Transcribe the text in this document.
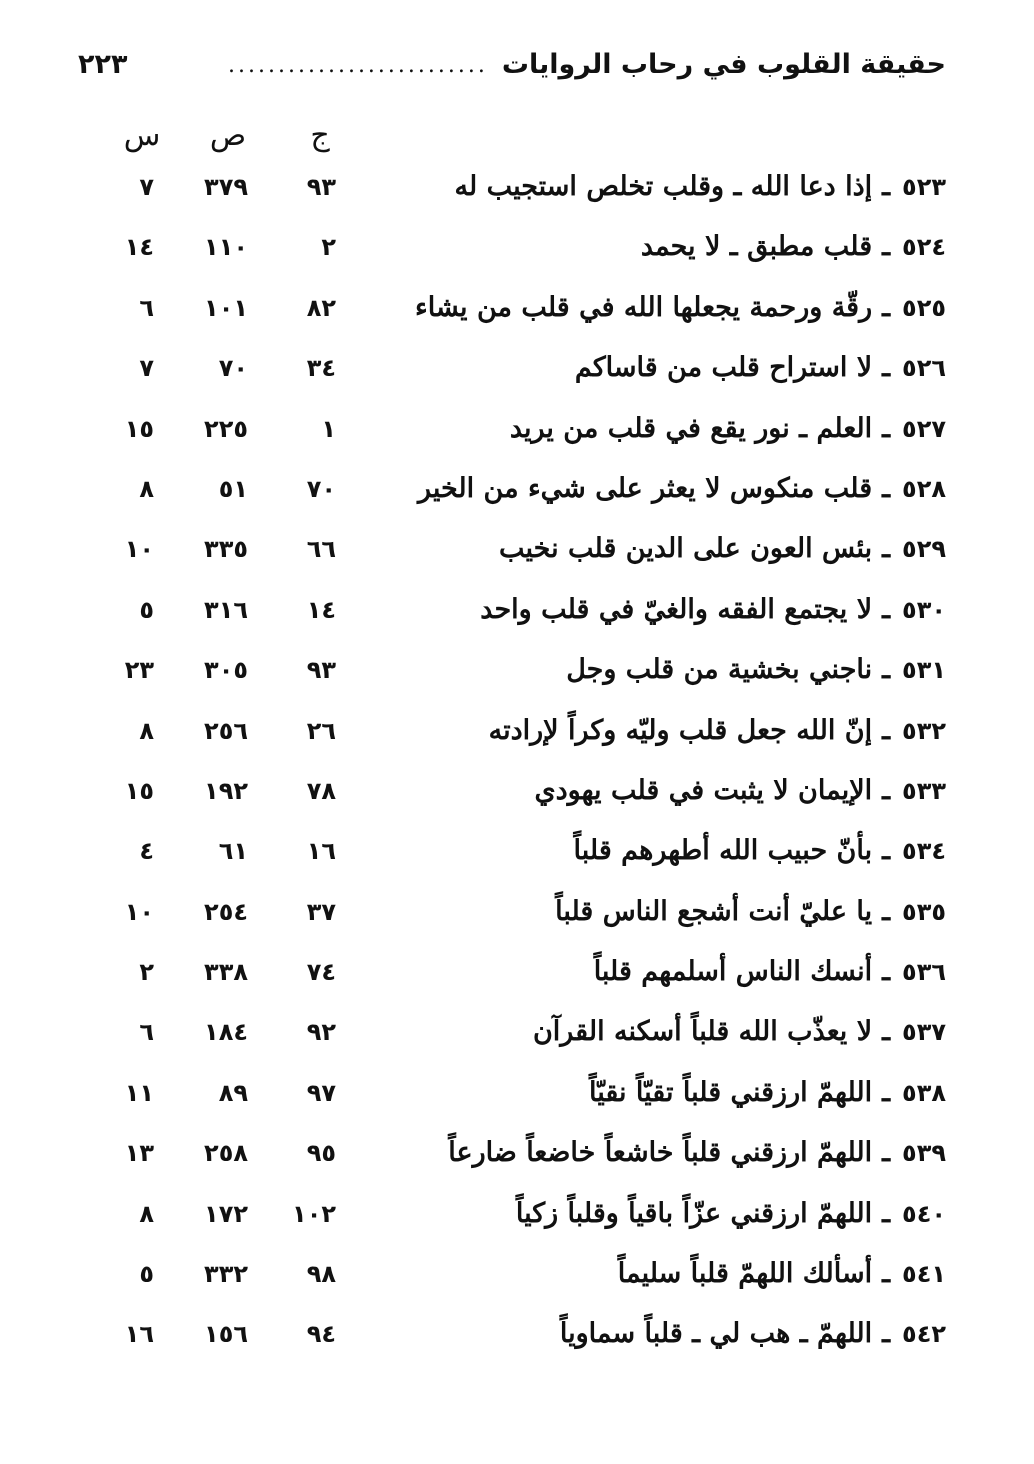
حقيقة القلوب في رحاب الروايات
..........................
٢٢٣
ج
ص
س
٥٢٣ـإذا دعا الله ـ وقلب تخلص استجيب له
٩٣
٣٧٩
٧
٥٢٤ـقلب مطبق ـ لا يحمد
٢
١١٠
١٤
٥٢٥ـرقّة ورحمة يجعلها الله في قلب من يشاء
٨٢
١٠١
٦
٥٢٦ـلا استراح قلب من قاساكم
٣٤
٧٠
٧
٥٢٧ـالعلم ـ نور يقع في قلب من يريد
١
٢٢٥
١٥
٥٢٨ـقلب منكوس لا يعثر على شيء من الخير
٧٠
٥١
٨
٥٢٩ـبئس العون على الدين قلب نخيب
٦٦
٣٣٥
١٠
٥٣٠ـلا يجتمع الفقه والغيّ في قلب واحد
١٤
٣١٦
٥
٥٣١ـناجني بخشية من قلب وجل
٩٣
٣٠٥
٢٣
٥٣٢ـإنّ الله جعل قلب وليّه وكراً لإرادته
٢٦
٢٥٦
٨
٥٣٣ـالإيمان لا يثبت في قلب يهودي
٧٨
١٩٢
١٥
٥٣٤ـبأنّ حبيب الله أطهرهم قلباً
١٦
٦١
٤
٥٣٥ـيا عليّ أنت أشجع الناس قلباً
٣٧
٢٥٤
١٠
٥٣٦ـأنسك الناس أسلمهم قلباً
٧٤
٣٣٨
٢
٥٣٧ـلا يعذّب الله قلباً أسكنه القرآن
٩٢
١٨٤
٦
٥٣٨ـاللهمّ ارزقني قلباً تقيّاً نقيّاً
٩٧
٨٩
١١
٥٣٩ـاللهمّ ارزقني قلباً خاشعاً خاضعاً ضارعاً
٩٥
٢٥٨
١٣
٥٤٠ـاللهمّ ارزقني عزّاً باقياً وقلباً زكياً
١٠٢
١٧٢
٨
٥٤١ـأسألك اللهمّ قلباً سليماً
٩٨
٣٣٢
٥
٥٤٢ـاللهمّ ـ هب لي ـ قلباً سماوياً
٩٤
١٥٦
١٦
